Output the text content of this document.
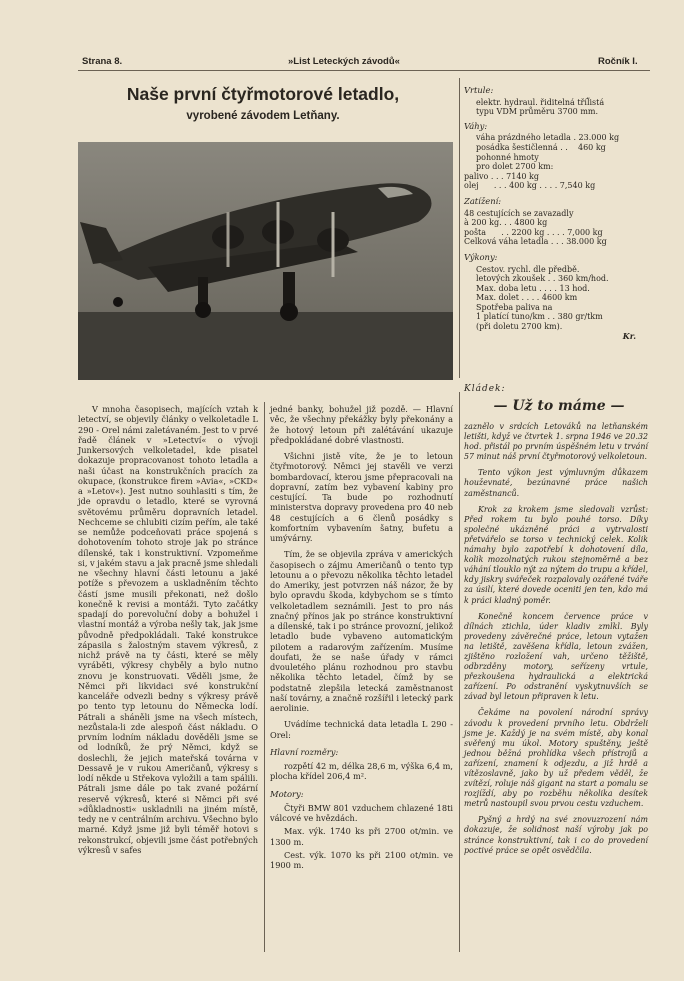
Strana 8.	»List Leteckých závodů«	Ročník I.
Naše první čtyřmotorové letadlo,
vyrobené závodem Letňany.

V mnoha časopisech, majících vztah k letectví, se objevily články o velkoletadle L 290 - Orel námi zaletávaném. Jest to v prvé řadě článek v »Letectví« o vývoji Junkersových velkoletadel, kde pisatel dokazuje propracovanost tohoto letadla a naši účast na konstrukčních pracích za okupace, (konstrukce firem »Avia«, »CKD« a »Letov«). Jest nutno souhlasiti s tím, že jde opravdu o letadlo, které se vyrovná světovému průměru dopravních letadel. Nechceme se chlubiti cizím peřím, ale také se nemůže podceňovati práce spojená s dohotovením tohoto stroje jak po stránce dílenské, tak i konstruktivní. Vzpomeňme si, v jakém stavu a jak pracně jsme shledali ne všechny hlavní části letounu a jaké potíže s převozem a uskladněním těchto částí jsme musili překonati, než došlo konečně k revisi a montáži. Tyto začátky spadají do porevoluční doby a bohužel i vlastní montáž a výroba nešly tak, jak jsme původně předpokládali. Také konstrukce zápasila s žalostným stavem výkresů, z nichž právě na ty části, které se měly vyráběti, výkresy chyběly a bylo nutno znovu je konstruovati. Věděli jsme, že Němci při likvidaci své konstrukční kanceláře odvezli bedny s výkresy právě po tento typ letounu do Německa lodí. Pátrali a sháněli jsme na všech místech, nezůstala-li zde alespoň část nákladu. O prvním lodním nákladu dověděli jsme se od lodníků, že prý Němci, když se doslechli, že jejich mateřská továrna v Dessavě je v rukou Američanů, výkresy s lodí někde u Střekova vyložili a tam spálili. Pátrali jsme dále po tak zvané požární reservě výkresů, které si Němci při své »důkladnosti« uskladnili na jiném místě, tedy ne v centrálním archivu. Všechno bylo marné. Když jsme již byli téměř hotovi s rekonstrukcí, objevili jsme část potřebných výkresů v safes

jedné banky, bohužel již pozdě. — Hlavní věc, že všechny překážky byly překonány a že hotový letoun při zalétávání ukazuje předpokládané dobré vlastnosti.

Všichni jistě víte, že je to letoun čtyřmotorový. Němci jej stavěli ve verzi bombardovací, kterou jsme přepracovali na dopravní, zatím bez vybavení kabiny pro cestující. Ta bude po rozhodnutí ministerstva dopravy provedena pro 40 neb 48 cestujících a 6 členů posádky s komfortním vybavením šatny, bufetu a umývárny.

Tím, že se objevila zpráva v amerických časopisech o zájmu Američanů o tento typ letounu a o převozu několika těchto letadel do Ameriky, jest potvrzen náš názor, že by bylo opravdu škoda, kdybychom se s tímto velkoletadlem seznámili. Jest to pro nás značný přínos jak po stránce konstruktivní a dílenské, tak i po stránce provozní, jelikož letadlo bude vybaveno automatickým pilotem a radarovým zařízením. Musíme doufati, že se naše úřady v rámci dvouletého plánu rozhodnou pro stavbu několika těchto letadel, čímž by se podstatně zlepšila letecká zaměstnanost naší továrny, a značně rozšířil i letecký park aerolinie.

Uvádíme technická data letadla L 290 - Orel:

Hlavní rozměry:

rozpětí 42 m, délka 28,6 m, výška 6,4 m, plocha křídel 206,4 m².

Motory:

Čtyři BMW 801 vzduchem chlazené 18ti válcové ve hvězdách.

Max. výk. 1740 ks při 2700 ot/min. ve 1300 m.

Cest. výk. 1070 ks při 2100 ot/min. ve 1900 m.

Vrtule:
elektr. hydraul. řiditelná tříl̈istá
typu VDM průměru 3700 mm.
Váhy:
váha prázdného letadla . 23.000 kg
posádka šestičlenná . .    460 kg
pohonné hmoty
pro dolet 2700 km:
palivo . . . 7140 kg
olej      . . . 400 kg . . . . 7,540 kg
Zatížení:
48 cestujících se zavazadly
à 200 kg. . . 4800 kg
pošta      . . 2200 kg . . . . 7,000 kg
Celková váha letadla . . . 38.000 kg
Výkony:
Cestov. rychl. dle předbě.
letových zkoušek . . 360 km/hod.
Max. doba letu . . . . 13 hod.
Max. dolet . . . . 4600 km
Spotřeba paliva na
1 platící tuno/km . . 380 gr/tkm
(při doletu 2700 km).
Kr.
Kládek:
— Už to máme —

zaznělo v srdcích Letováků na letňanském letišti, když ve čtvrtek 1. srpna 1946 ve 20.32 hod. přistál po prvním úspěšném letu v trvání 57 minut náš první čtyřmotorový velkoletoun.

Tento výkon jest výmluvným důkazem houževnaté, bezúnavné práce našich zaměstnanců.

Krok za krokem jsme sledovali vzrůst: Před rokem tu bylo pouhé torso. Díky společné ukázněné práci a vytrvalosti přetvářelo se torso v technický celek. Kolik námahy bylo zapotřebí k dohotovení díla, kolik mozolnatých rukou stejnoměrně a bez váhání tlouklo nýt za nýtem do trupu a křídel, kdy jiskry svářeček rozpalovaly ozářené tváře za úsilí, které dovede oceniti jen ten, kdo má k práci kladný poměr.

Konečně koncem července práce v dílnách ztichla, úder kladiv zmlkl. Byly provedeny závěrečné práce, letoun vytažen na letiště, zavěšena křídla, letoun zvážen, zjištěno rozložení vah, určeno těžiště, odbrzděny motory, seřízeny vrtule, přezkoušena hydraulická a elektrická zařízení. Po odstranění vyskytnuvších se závad byl letoun připraven k letu.

Čekáme na povolení národní správy závodu k provedení prvního letu. Obdrželi jsme je. Každý je na svém místě, aby konal svěřený mu úkol. Motory spuštěny, ještě jednou běžná prohlídka všech přístrojů a zařízení, znamení k odjezdu, a již hrdě a vítězoslavně, jako by už předem věděl, že zvítězí, roluje náš gigant na start a pomalu se rozjíždí, aby po rozběhu několika desítek metrů nastoupil svou prvou cestu vzduchem.

Pyšný a hrdý na své znovuzrození nám dokazuje, že solidnost naší výroby jak po stránce konstruktivní, tak i co do provedení poctivé práce se opět osvědčila.
